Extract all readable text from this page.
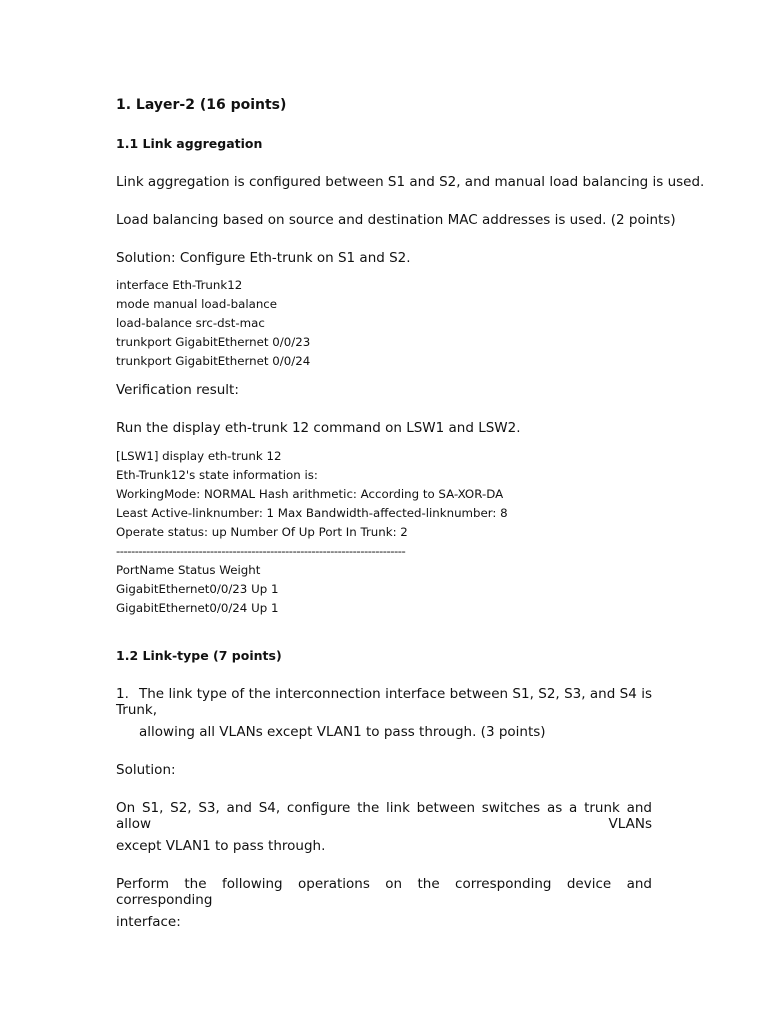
1. Layer-2 (16 points)
1.1 Link aggregation
Link aggregation is configured between S1 and S2, and manual load balancing is used.
Load balancing based on source and destination MAC addresses is used. (2 points)
Solution: Configure Eth-trunk on S1 and S2.
interface Eth-Trunk12
mode manual load-balance
load-balance src-dst-mac
trunkport GigabitEthernet 0/0/23
trunkport GigabitEthernet 0/0/24
Verification result:
Run the display eth-trunk 12 command on LSW1 and LSW2.
[LSW1] display eth-trunk 12
Eth-Trunk12's state information is:
WorkingMode: NORMAL Hash arithmetic: According to SA-XOR-DA
Least Active-linknumber: 1 Max Bandwidth-affected-linknumber: 8
Operate status: up Number Of Up Port In Trunk: 2
-----------------------------------------------------------------------------
PortName Status Weight
GigabitEthernet0/0/23 Up 1
GigabitEthernet0/0/24 Up 1
1.2 Link-type (7 points)
1. The link type of the interconnection interface between S1, S2, S3, and S4 is Trunk,
allowing all VLANs except VLAN1 to pass through. (3 points)
Solution:
On S1, S2, S3, and S4, configure the link between switches as a trunk and allow VLANs
except VLAN1 to pass through.
Perform the following operations on the corresponding device and corresponding
interface:
